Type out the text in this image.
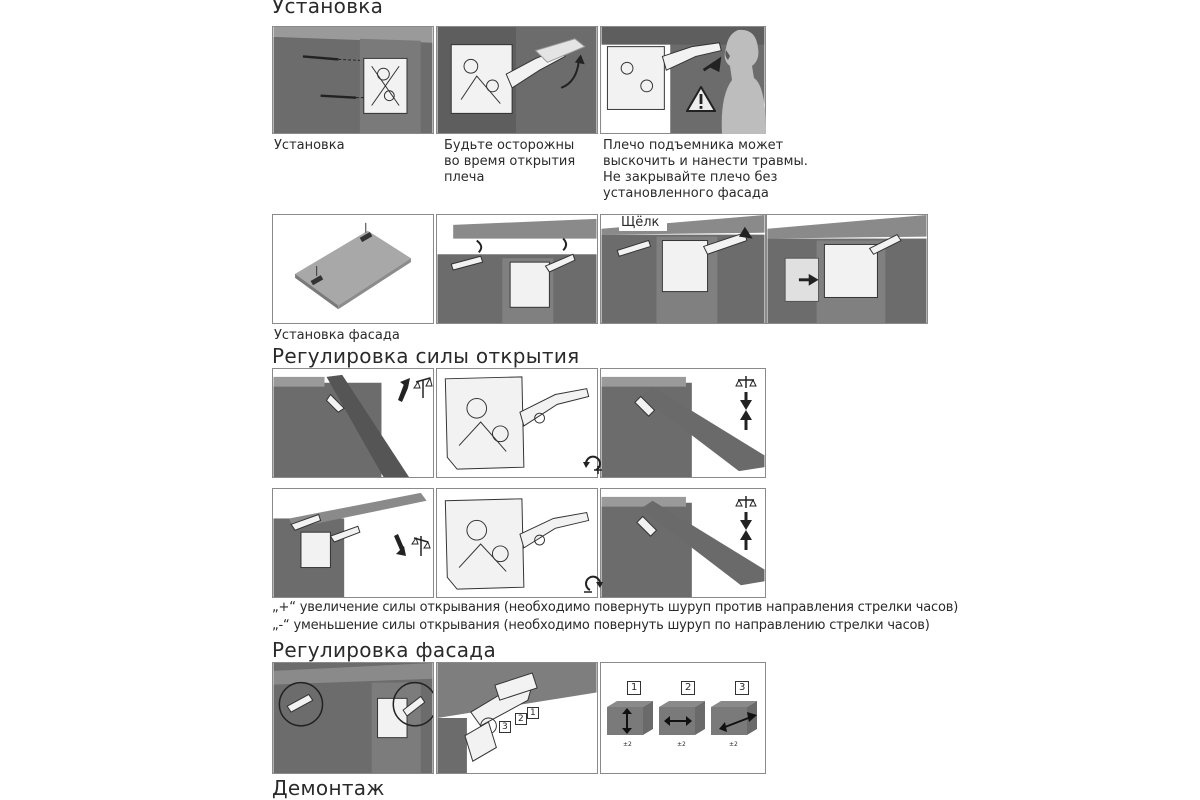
Установка
Установка	Будьте осторожны
во время открытия
плеча
Плечо подъемника может
выскочить и нанести травмы.
Не закрывайте плечо без
установленного фасада
Щёлк
Установка фасада
Регулировка силы открытия
„+“ увеличение силы открывания (необходимо повернуть шуруп против направления стрелки часов)
„-“ уменьшение силы открывания (необходимо повернуть шуруп по направлению стрелки часов)
Регулировка фасада
1
2
3
1
±2
2
±2
3
±2
Демонтаж
